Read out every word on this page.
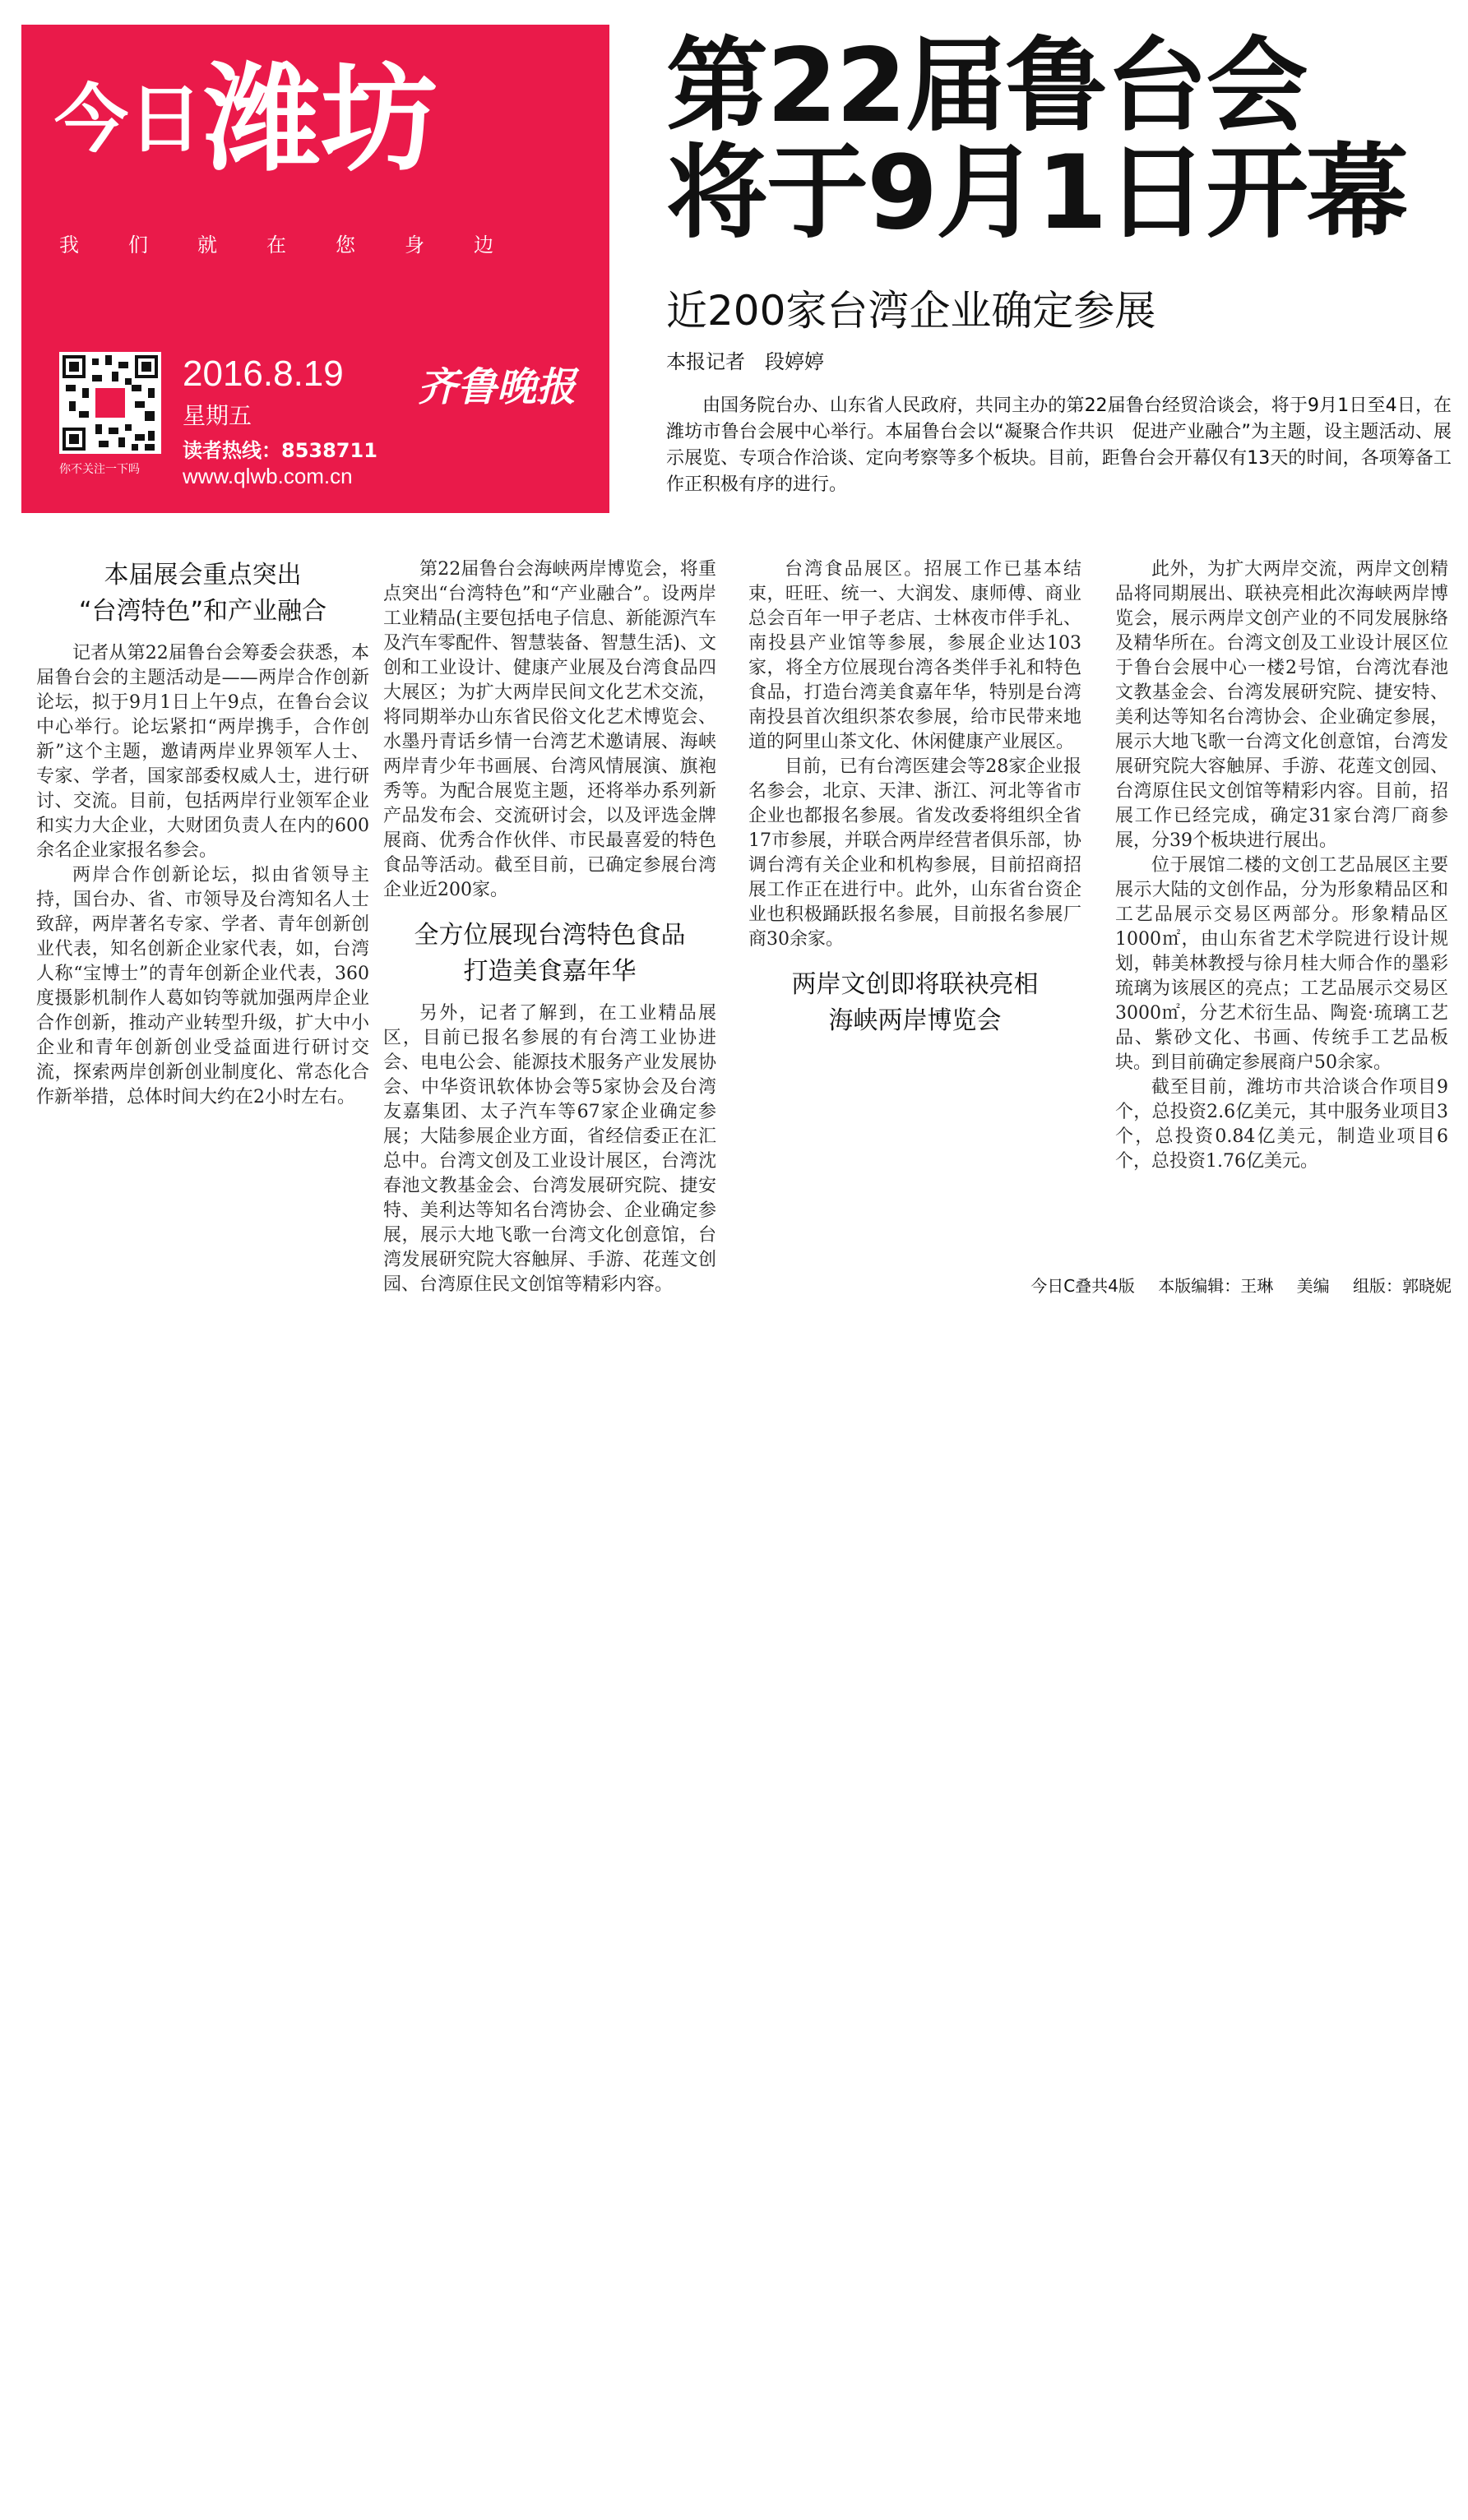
今日潍坊
我们就在您身边
你不关注一下吗
2016.8.19
星期五
读者热线：8538711
www.qlwb.com.cn
齐鲁晚报
第22届鲁台会
将于9月1日开幕
近200家台湾企业确定参展
本报记者　段婷婷
由国务院台办、山东省人民政府，共同主办的第22届鲁台经贸洽谈会，将于9月1日至4日，在潍坊市鲁台会展中心举行。本届鲁台会以“凝聚合作共识　促进产业融合”为主题，设主题活动、展示展览、专项合作洽谈、定向考察等多个板块。目前，距鲁台会开幕仅有13天的时间，各项筹备工作正积极有序的进行。
本届展会重点突出
“台湾特色”和产业融合

记者从第22届鲁台会筹委会获悉，本届鲁台会的主题活动是——两岸合作创新论坛，拟于9月1日上午9点，在鲁台会议中心举行。论坛紧扣“两岸携手，合作创新”这个主题，邀请两岸业界领军人士、专家、学者，国家部委权威人士，进行研讨、交流。目前，包括两岸行业领军企业和实力大企业，大财团负责人在内的600余名企业家报名参会。

两岸合作创新论坛，拟由省领导主持，国台办、省、市领导及台湾知名人士致辞，两岸著名专家、学者、青年创新创业代表，知名创新企业家代表，如，台湾人称“宝博士”的青年创新企业代表，360度摄影机制作人葛如钧等就加强两岸企业合作创新，推动产业转型升级，扩大中小企业和青年创新创业受益面进行研讨交流，探索两岸创新创业制度化、常态化合作新举措，总体时间大约在2小时左右。

第22届鲁台会海峡两岸博览会，将重点突出“台湾特色”和“产业融合”。设两岸工业精品(主要包括电子信息、新能源汽车及汽车零配件、智慧装备、智慧生活)、文创和工业设计、健康产业展及台湾食品四大展区；为扩大两岸民间文化艺术交流，将同期举办山东省民俗文化艺术博览会、水墨丹青话乡情一台湾艺术邀请展、海峡两岸青少年书画展、台湾风情展演、旗袍秀等。为配合展览主题，还将举办系列新产品发布会、交流研讨会，以及评选金牌展商、优秀合作伙伴、市民最喜爱的特色食品等活动。截至目前，已确定参展台湾企业近200家。

全方位展现台湾特色食品
打造美食嘉年华

另外，记者了解到，在工业精品展区，目前已报名参展的有台湾工业协进会、电电公会、能源技术服务产业发展协会、中华资讯软体协会等5家协会及台湾友嘉集团、太子汽车等67家企业确定参展；大陆参展企业方面，省经信委正在汇总中。台湾文创及工业设计展区，台湾沈春池文教基金会、台湾发展研究院、捷安特、美利达等知名台湾协会、企业确定参展，展示大地飞歌一台湾文化创意馆，台湾发展研究院大容触屏、手游、花莲文创园、台湾原住民文创馆等精彩内容。

台湾食品展区。招展工作已基本结束，旺旺、统一、大润发、康师傅、商业总会百年一甲子老店、士林夜市伴手礼、南投县产业馆等参展，参展企业达103家，将全方位展现台湾各类伴手礼和特色食品，打造台湾美食嘉年华，特别是台湾南投县首次组织茶农参展，给市民带来地道的阿里山茶文化、休闲健康产业展区。

目前，已有台湾医建会等28家企业报名参会，北京、天津、浙江、河北等省市企业也都报名参展。省发改委将组织全省17市参展，并联合两岸经营者俱乐部，协调台湾有关企业和机构参展，目前招商招展工作正在进行中。此外，山东省台资企业也积极踊跃报名参展，目前报名参展厂商30余家。

两岸文创即将联袂亮相
海峡两岸博览会

此外，为扩大两岸交流，两岸文创精品将同期展出、联袂亮相此次海峡两岸博览会，展示两岸文创产业的不同发展脉络及精华所在。台湾文创及工业设计展区位于鲁台会展中心一楼2号馆，台湾沈春池文教基金会、台湾发展研究院、捷安特、美利达等知名台湾协会、企业确定参展，展示大地飞歌一台湾文化创意馆，台湾发展研究院大容触屏、手游、花莲文创园、台湾原住民文创馆等精彩内容。目前，招展工作已经完成，确定31家台湾厂商参展，分39个板块进行展出。

位于展馆二楼的文创工艺品展区主要展示大陆的文创作品，分为形象精品区和工艺品展示交易区两部分。形象精品区1000㎡，由山东省艺术学院进行设计规划，韩美林教授与徐月桂大师合作的墨彩琉璃为该展区的亮点；工艺品展示交易区3000㎡，分艺术衍生品、陶瓷·琉璃工艺品、紫砂文化、书画、传统手工艺品板块。到目前确定参展商户50余家。

截至目前，潍坊市共洽谈合作项目9个，总投资2.6亿美元，其中服务业项目3个，总投资0.84亿美元，制造业项目6个，总投资1.76亿美元。

今日C叠共4版 本版编辑：王琳 美编 组版：郭晓妮
